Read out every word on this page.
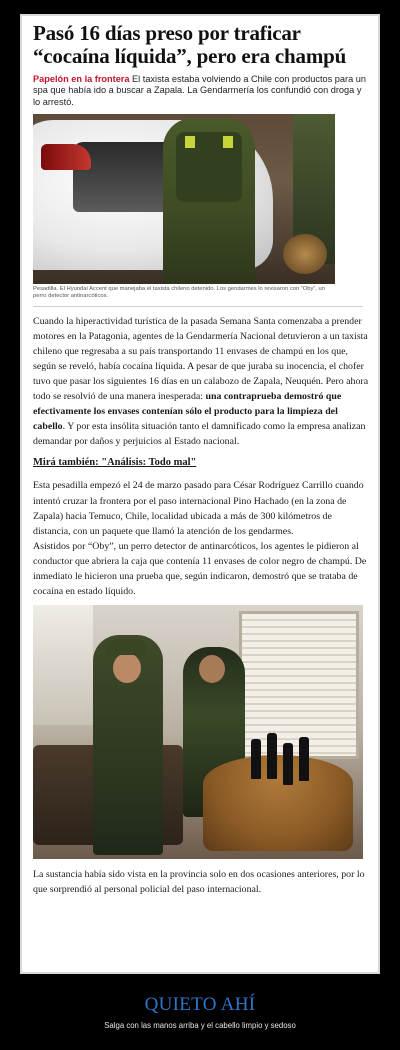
Pasó 16 días preso por traficar “cocaína líquida”, pero era champú

Papelón en la frontera El taxista estaba volviendo a Chile con productos para un spa que había ido a buscar a Zapala. La Gendarmería los confundió con droga y lo arrestó.

Pesadilla. El Hyundai Accent que manejaba el taxista chileno detenido. Los gendarmes lo revisaron con “Oby”, un perro detector antinarcóticos.

Cuando la hiperactividad turística de la pasada Semana Santa comenzaba a prender motores en la Patagonia, agentes de la Gendarmería Nacional detuvieron a un taxista chileno que regresaba a su país transportando 11 envases de champú en los que, según se reveló, había cocaína líquida. A pesar de que juraba su inocencia, el chofer tuvo que pasar los siguientes 16 días en un calabozo de Zapala, Neuquén. Pero ahora todo se resolvió de una manera inesperada: una contraprueba demostró que efectivamente los envases contenían sólo el producto para la limpieza del cabello. Y por esta insólita situación tanto el damnificado como la empresa analizan demandar por daños y perjuicios al Estado nacional.

Mirá también: "Análisis: Todo mal"

Esta pesadilla empezó el 24 de marzo pasado para César Rodríguez Carrillo cuando intentó cruzar la frontera por el paso internacional Pino Hachado (en la zona de Zapala) hacia Temuco, Chile, localidad ubicada a más de 300 kilómetros de distancia, con un paquete que llamó la atención de los gendarmes.
Asistidos por “Oby”, un perro detector de antinarcóticos, los agentes le pidieron al conductor que abriera la caja que contenía 11 envases de color negro de champú. De inmediato le hicieron una prueba que, según indicaron, demostró que se trataba de cocaína en estado líquido.

La sustancia había sido vista en la provincia solo en dos ocasiones anteriores, por lo que sorprendió al personal policial del paso internacional.

QUIETO AHÍ
Salga con las manos arriba y el cabello limpio y sedoso
